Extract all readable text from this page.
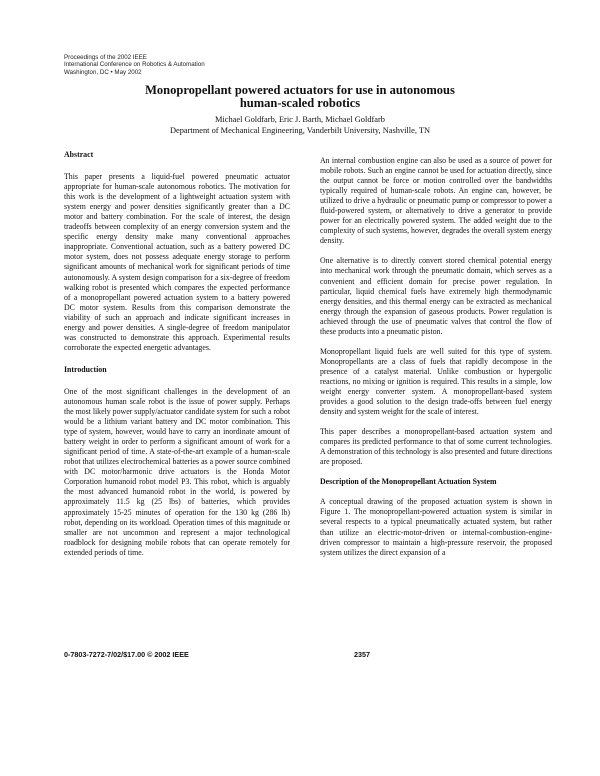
Proceedings of the 2002 IEEE
International Conference on Robotics & Automation
Washington, DC • May 2002
Monopropellant powered actuators for use in autonomous
human-scaled robotics
Michael Goldfarb, Eric J. Barth, Michael Goldfarb
Department of Mechanical Engineering, Vanderbilt University, Nashville, TN

Abstract

This paper presents a liquid-fuel powered pneumatic actuator appropriate for human-scale autonomous robotics. The motivation for this work is the development of a lightweight actuation system with system energy and power densities significantly greater than a DC motor and battery combination. For the scale of interest, the design tradeoffs between complexity of an energy conversion system and the specific energy density make many conventional approaches inappropriate. Conventional actuation, such as a battery powered DC motor system, does not possess adequate energy storage to perform significant amounts of mechanical work for significant periods of time autonomously. A system design comparison for a six-degree of freedom walking robot is presented which compares the expected performance of a monopropellant powered actuation system to a battery powered DC motor system. Results from this comparison demonstrate the viability of such an approach and indicate significant increases in energy and power densities. A single-degree of freedom manipulator was constructed to demonstrate this approach. Experimental results corroborate the expected energetic advantages.

Introduction

One of the most significant challenges in the development of an autonomous human scale robot is the issue of power supply. Perhaps the most likely power supply/actuator candidate system for such a robot would be a lithium variant battery and DC motor combination. This type of system, however, would have to carry an inordinate amount of battery weight in order to perform a significant amount of work for a significant period of time. A state-of-the-art example of a human-scale robot that utilizes electrochemical batteries as a power source combined with DC motor/harmonic drive actuators is the Honda Motor Corporation humanoid robot model P3. This robot, which is arguably the most advanced humanoid robot in the world, is powered by approximately 11.5 kg (25 lbs) of batteries, which provides approximately 15-25 minutes of operation for the 130 kg (286 lb) robot, depending on its workload. Operation times of this magnitude or smaller are not uncommon and represent a major technological roadblock for designing mobile robots that can operate remotely for extended periods of time.

An internal combustion engine can also be used as a source of power for mobile robots. Such an engine cannot be used for actuation directly, since the output cannot be force or motion controlled over the bandwidths typically required of human-scale robots. An engine can, however, be utilized to drive a hydraulic or pneumatic pump or compressor to power a fluid-powered system, or alternatively to drive a generator to provide power for an electrically powered system. The added weight due to the complexity of such systems, however, degrades the overall system energy density.

One alternative is to directly convert stored chemical potential energy into mechanical work through the pneumatic domain, which serves as a convenient and efficient domain for precise power regulation. In particular, liquid chemical fuels have extremely high thermodynamic energy densities, and this thermal energy can be extracted as mechanical energy through the expansion of gaseous products. Power regulation is achieved through the use of pneumatic valves that control the flow of these products into a pneumatic piston.

Monopropellant liquid fuels are well suited for this type of system. Monopropellants are a class of fuels that rapidly decompose in the presence of a catalyst material. Unlike combustion or hypergolic reactions, no mixing or ignition is required. This results in a simple, low weight energy converter system. A monopropellant-based system provides a good solution to the design trade-offs between fuel energy density and system weight for the scale of interest.

This paper describes a monopropellant-based actuation system and compares its predicted performance to that of some current technologies. A demonstration of this technology is also presented and future directions are proposed.

Description of the Monopropellant Actuation System

A conceptual drawing of the proposed actuation system is shown in Figure 1. The monopropellant-powered actuation system is similar in several respects to a typical pneumatically actuated system, but rather than utilize an electric-motor-driven or internal-combustion-engine-driven compressor to maintain a high-pressure reservoir, the proposed system utilizes the direct expansion of a

0-7803-7272-7/02/$17.00 © 2002 IEEE	2357
